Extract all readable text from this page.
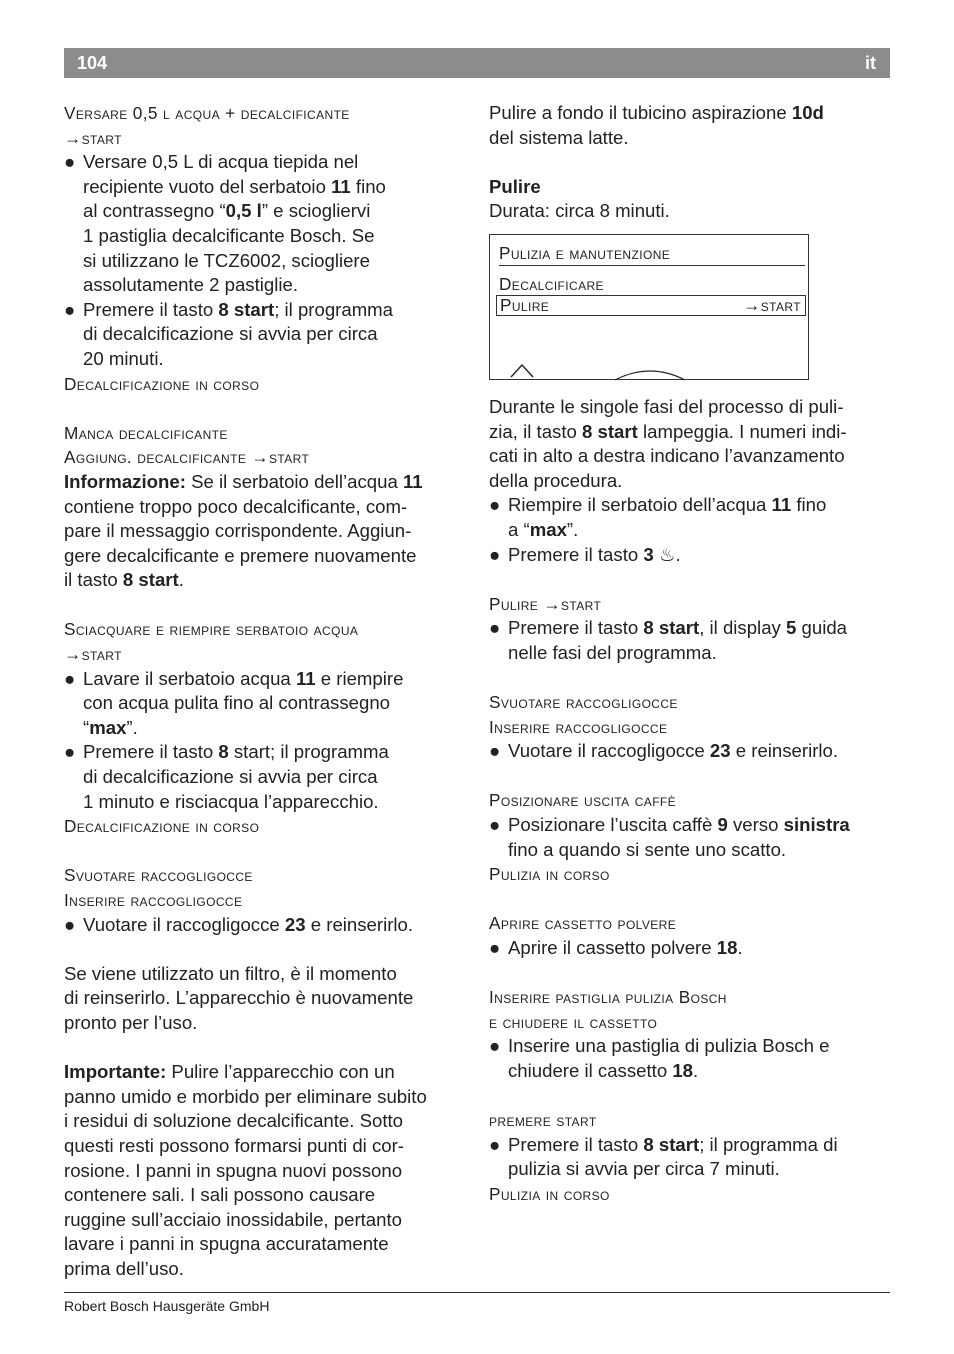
104	it
Versare 0,5 l acqua + decalcificante
→start
● Versare 0,5 L di acqua tiepida nel
recipiente vuoto del serbatoio 11 fino
al contrassegno “0,5 l” e sciogliervi
1 pastiglia decalcificante Bosch. Se
si utilizzano le TCZ6002, sciogliere
assolutamente 2 pastiglie.
● Premere il tasto 8 start; il programma
di decalcificazione si avvia per circa
20 minuti.
Decalcificazione in corso
Manca decalcificante
Aggiung. decalcificante →start
Informazione: Se il serbatoio dell’acqua 11
contiene troppo poco decalcificante, com-
pare il messaggio corrispondente. Aggiun-
gere decalcificante e premere nuovamente
il tasto 8 start.
Sciacquare e riempire serbatoio acqua
→start
● Lavare il serbatoio acqua 11 e riempire
con acqua pulita fino al contrassegno
“max”.
● Premere il tasto 8 start; il programma
di decalcificazione si avvia per circa
1 minuto e risciacqua l’apparecchio.
Decalcificazione in corso
Svuotare raccogligocce
Inserire raccogligocce
● Vuotare il raccogligocce 23 e reinserirlo.
Se viene utilizzato un filtro, è il momento
di reinserirlo. L’apparecchio è nuovamente
pronto per l’uso.
Importante: Pulire l’apparecchio con un
panno umido e morbido per eliminare subito
i residui di soluzione decalcificante. Sotto
questi resti possono formarsi punti di cor-
rosione. I panni in spugna nuovi possono
contenere sali. I sali possono causare
ruggine sull’acciaio inossidabile, pertanto
lavare i panni in spugna accuratamente
prima dell’uso.
Pulire a fondo il tubicino aspirazione 10d
del sistema latte.
Pulire
Durata: circa 8 minuti.
Pulizia e manutenzione
Decalcificare
Pulire	→start
Durante le singole fasi del processo di puli-
zia, il tasto 8 start lampeggia. I numeri indi-
cati in alto a destra indicano l’avanzamento
della procedura.
● Riempire il serbatoio dell’acqua 11 fino
a “max”.
● Premere il tasto 3 ♨.
Pulire →start
● Premere il tasto 8 start, il display 5 guida
nelle fasi del programma.
Svuotare raccogligocce
Inserire raccogligocce
● Vuotare il raccogligocce 23 e reinserirlo.
Posizionare uscita caffè
● Posizionare l’uscita caffè 9 verso sinistra
fino a quando si sente uno scatto.
Pulizia in corso
Aprire cassetto polvere
● Aprire il cassetto polvere 18.
Inserire pastiglia pulizia Bosch
e chiudere il cassetto
● Inserire una pastiglia di pulizia Bosch e
chiudere il cassetto 18.
premere start
● Premere il tasto 8 start; il programma di
pulizia si avvia per circa 7 minuti.
Pulizia in corso
Robert Bosch Hausgeräte GmbH
